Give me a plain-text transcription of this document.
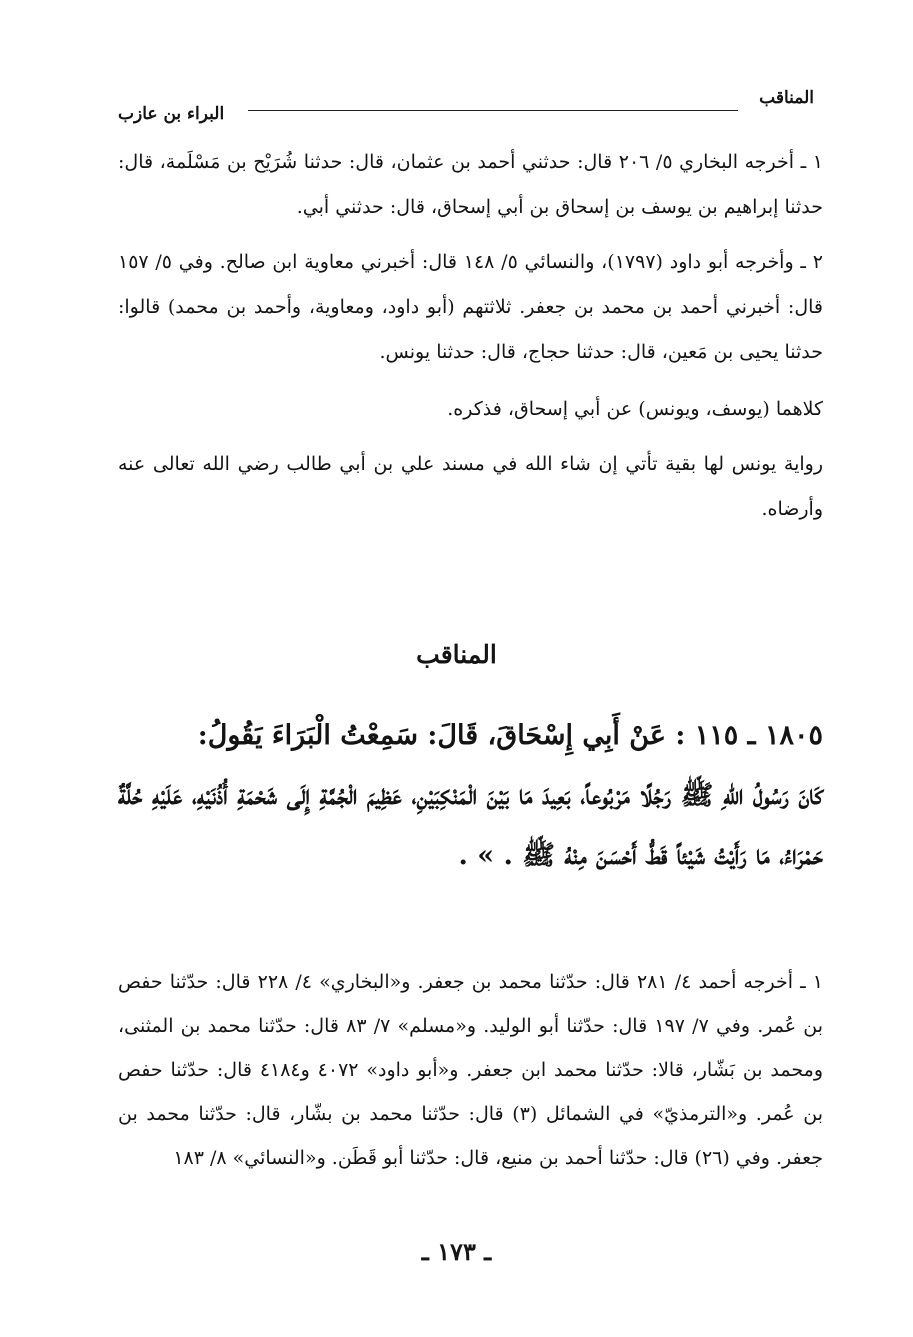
المناقب
البراء بن عازب

١ ـ أخرجه البخاري ٥/ ٢٠٦ قال: حدثني أحمد بن عثمان، قال: حدثنا شُرَيْح بن مَسْلَمة، قال: حدثنا إبراهيم بن يوسف بن إسحاق بن أبي إسحاق، قال: حدثني أبي.

٢ ـ وأخرجه أبو داود (١٧٩٧)، والنسائي ٥/ ١٤٨ قال: أخبرني معاوية ابن صالح. وفي ٥/ ١٥٧ قال: أخبرني أحمد بن محمد بن جعفر. ثلاثتهم (أبو داود، ومعاوية، وأحمد بن محمد) قالوا: حدثنا يحيى بن مَعين، قال: حدثنا حجاج، قال: حدثنا يونس.

كلاهما (يوسف، ويونس) عن أبي إسحاق، فذكره.

رواية يونس لها بقية تأتي إن شاء الله في مسند علي بن أبي طالب رضي الله تعالى عنه وأرضاه.

المناقب

١٨٠٥ ـ ١١٥ : عَنْ أَبِي إِسْحَاقَ، قَالَ: سَمِعْتُ الْبَرَاءَ يَقُولُ:

كَانَ رَسُولُ اللهِ ﷺ رَجُلًا مَرْبُوعاً، بَعِيدَ مَا بَيْنَ الْمَنْكِبَيْنِ، عَظِيمَ الْجُمَّةِ إِلَى شَحْمَةِ أُذُنَيْهِ، عَلَيْهِ حُلَّةٌ حَمْرَاءُ، مَا رَأَيْتُ شَيْئاً قَطُّ أَحْسَنَ مِنْهُ ﷺ . » .

١ ـ أخرجه أحمد ٤/ ٢٨١ قال: حدّثنا محمد بن جعفر. و«البخاري» ٤/ ٢٢٨ قال: حدّثنا حفص بن عُمر. وفي ٧/ ١٩٧ قال: حدّثنا أبو الوليد. و«مسلم» ٧/ ٨٣ قال: حدّثنا محمد بن المثنى، ومحمد بن بَشّار، قالا: حدّثنا محمد ابن جعفر. و«أبو داود» ٤٠٧٢ و٤١٨٤ قال: حدّثنا حفص بن عُمر. و«الترمذيّ» في الشمائل (٣) قال: حدّثنا محمد بن بشّار، قال: حدّثنا محمد بن جعفر. وفي (٢٦) قال: حدّثنا أحمد بن منيع، قال: حدّثنا أبو قَطَن. و«النسائي» ٨/ ١٨٣

ـ ١٧٣ ـ
